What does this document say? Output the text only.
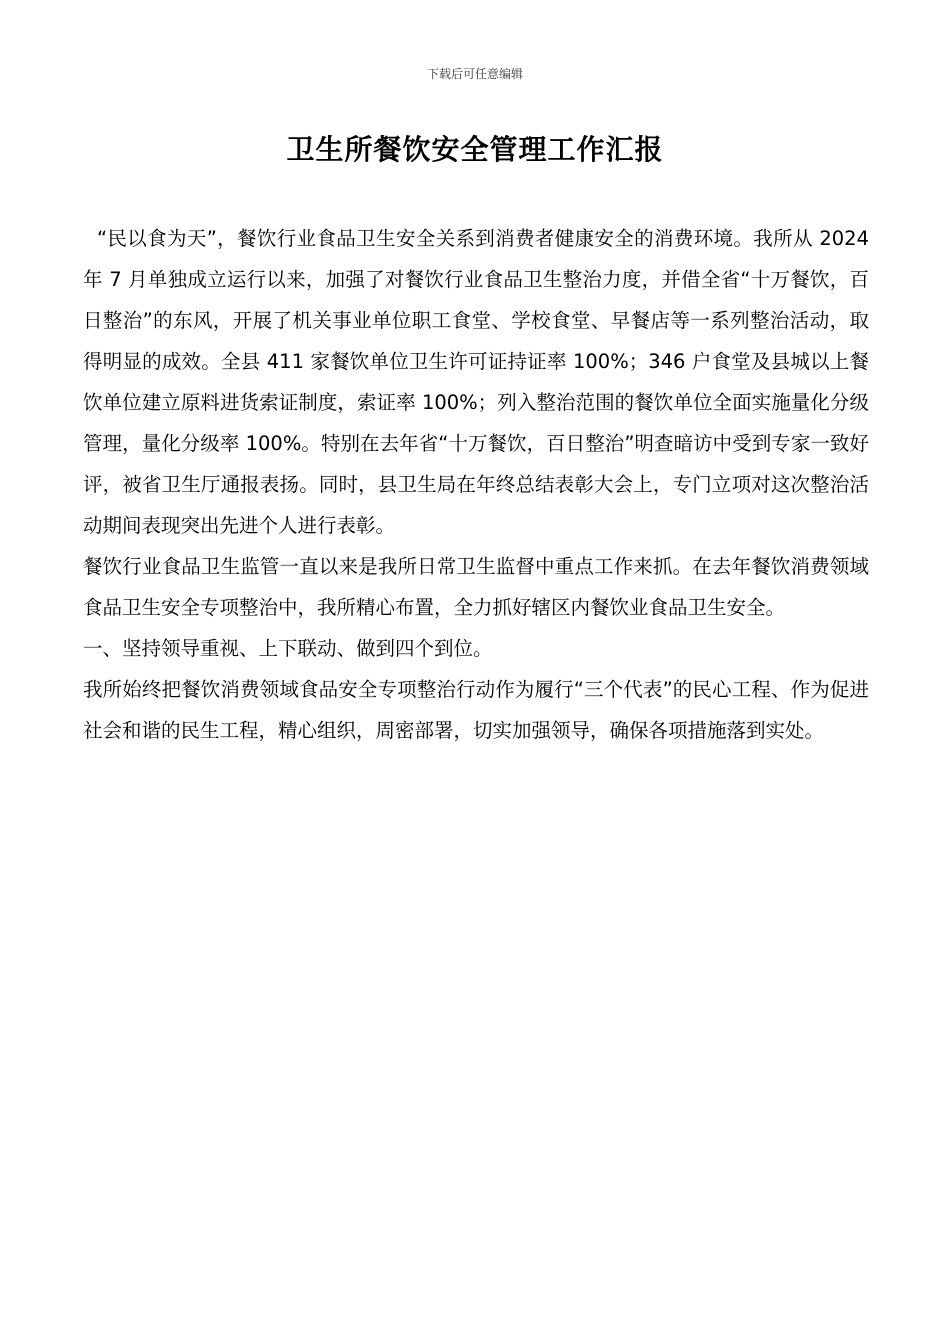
下载后可任意编辑
卫生所餐饮安全管理工作汇报

“民以食为天”，餐饮行业食品卫生安全关系到消费者健康安全的消费环境。我所从 2024 年 7 月单独成立运行以来，加强了对餐饮行业食品卫生整治力度，并借全省“十万餐饮，百日整治”的东风，开展了机关事业单位职工食堂、学校食堂、早餐店等一系列整治活动，取得明显的成效。全县 411 家餐饮单位卫生许可证持证率 100%；346 户食堂及县城以上餐饮单位建立原料进货索证制度，索证率 100%；列入整治范围的餐饮单位全面实施量化分级管理，量化分级率 100%。特别在去年省“十万餐饮，百日整治”明查暗访中受到专家一致好评，被省卫生厅通报表扬。同时，县卫生局在年终总结表彰大会上，专门立项对这次整治活动期间表现突出先进个人进行表彰。

餐饮行业食品卫生监管一直以来是我所日常卫生监督中重点工作来抓。在去年餐饮消费领域食品卫生安全专项整治中，我所精心布置，全力抓好辖区内餐饮业食品卫生安全。

一、坚持领导重视、上下联动、做到四个到位。

我所始终把餐饮消费领域食品安全专项整治行动作为履行“三个代表”的民心工程、作为促进社会和谐的民生工程，精心组织，周密部署，切实加强领导，确保各项措施落到实处。
